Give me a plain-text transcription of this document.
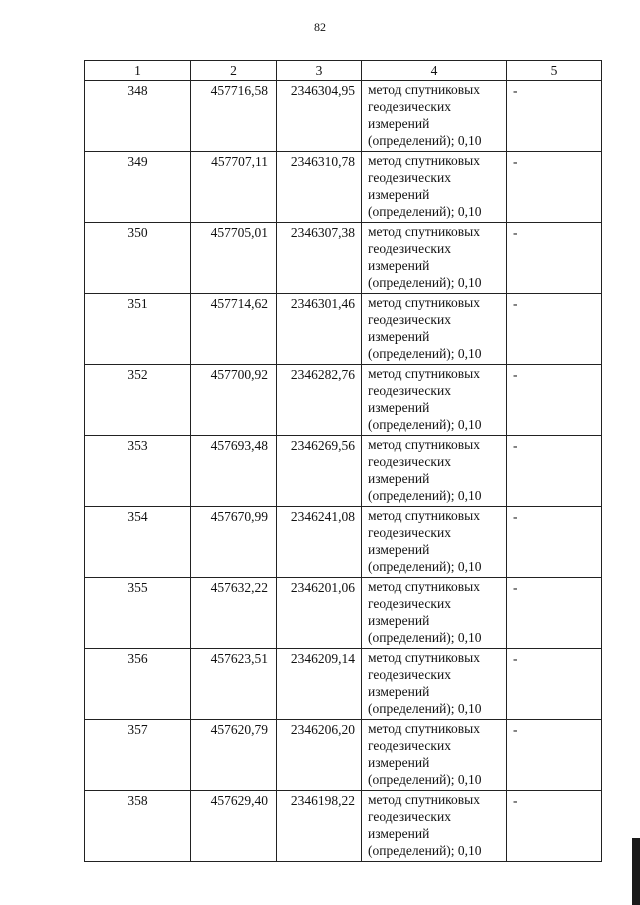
82
1	2	3	4	5
348	457716,58	2346304,95	метод спутниковых
геодезических
измерений
(определений); 0,10	-
349	457707,11	2346310,78	метод спутниковых
геодезических
измерений
(определений); 0,10	-
350	457705,01	2346307,38	метод спутниковых
геодезических
измерений
(определений); 0,10	-
351	457714,62	2346301,46	метод спутниковых
геодезических
измерений
(определений); 0,10	-
352	457700,92	2346282,76	метод спутниковых
геодезических
измерений
(определений); 0,10	-
353	457693,48	2346269,56	метод спутниковых
геодезических
измерений
(определений); 0,10	-
354	457670,99	2346241,08	метод спутниковых
геодезических
измерений
(определений); 0,10	-
355	457632,22	2346201,06	метод спутниковых
геодезических
измерений
(определений); 0,10	-
356	457623,51	2346209,14	метод спутниковых
геодезических
измерений
(определений); 0,10	-
357	457620,79	2346206,20	метод спутниковых
геодезических
измерений
(определений); 0,10	-
358	457629,40	2346198,22	метод спутниковых
геодезических
измерений
(определений); 0,10	-
